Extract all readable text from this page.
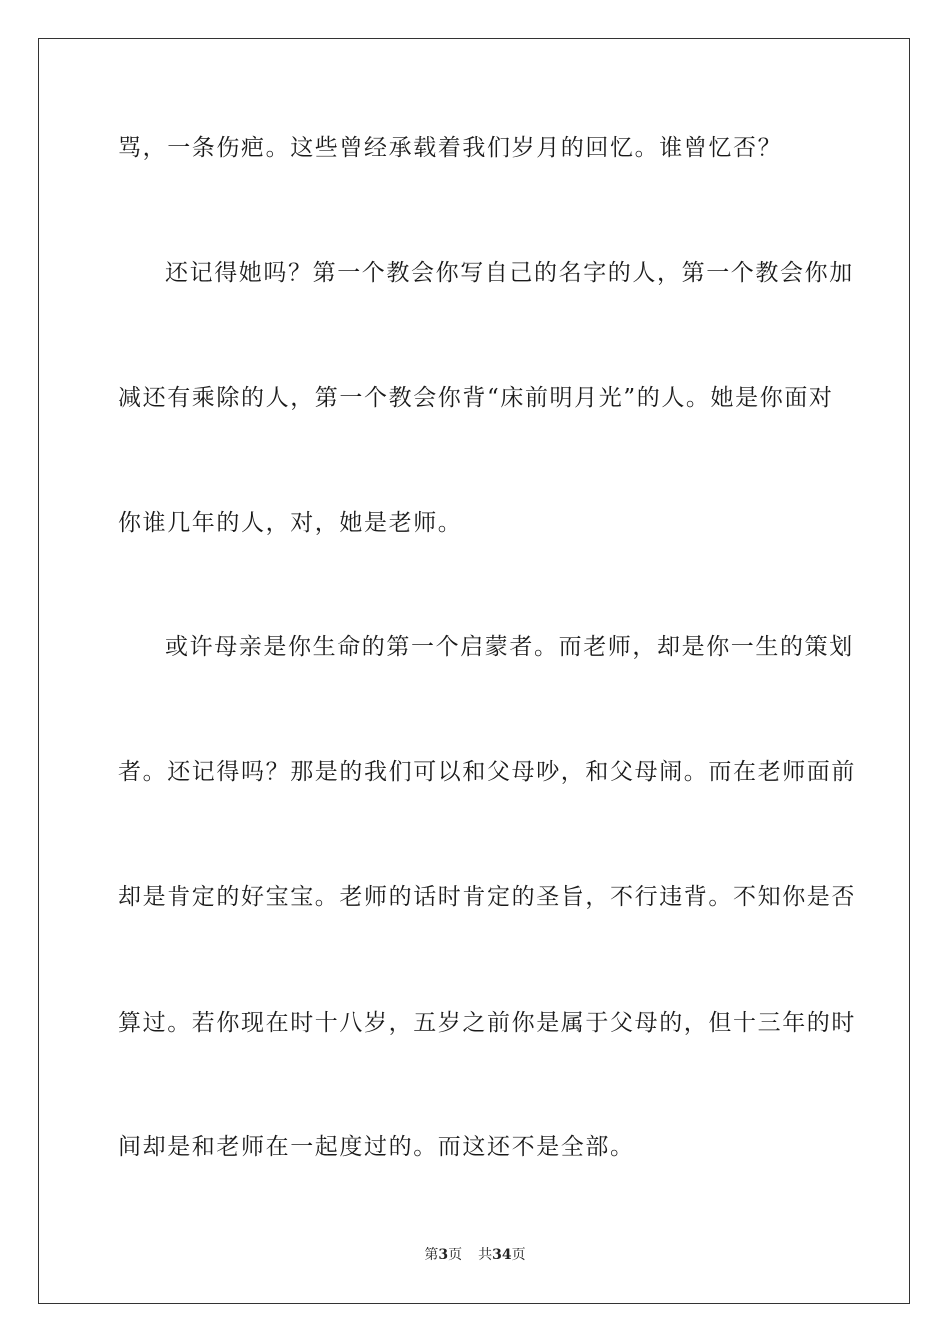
骂，一条伤疤。这些曾经承载着我们岁月的回忆。谁曾忆否？
还记得她吗？第一个教会你写自己的名字的人，第一个教会你加
减还有乘除的人，第一个教会你背“床前明月光”的人。她是你面对
你谁几年的人，对，她是老师。
或许母亲是你生命的第一个启蒙者。而老师，却是你一生的策划
者。还记得吗？那是的我们可以和父母吵，和父母闹。而在老师面前
却是肯定的好宝宝。老师的话时肯定的圣旨，不行违背。不知你是否
算过。若你现在时十八岁，五岁之前你是属于父母的，但十三年的时
间却是和老师在一起度过的。而这还不是全部。
第3页 共34页
